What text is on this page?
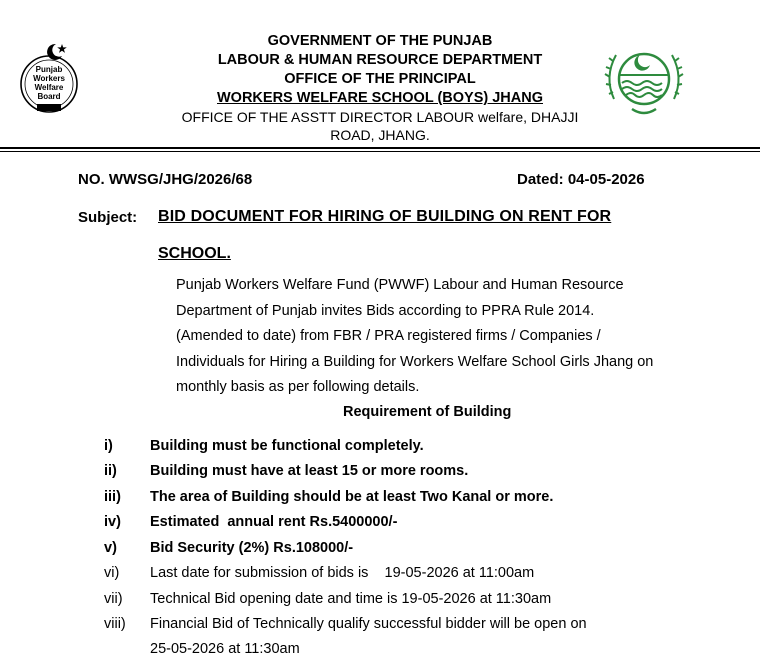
Punjab
Workers
Welfare
Board
GOVERNMENT OF THE PUNJAB
LABOUR & HUMAN RESOURCE DEPARTMENT
OFFICE OF THE PRINCIPAL
WORKERS WELFARE SCHOOL (BOYS) JHANG
OFFICE OF THE ASSTT DIRECTOR LABOUR welfare, DHAJJI
ROAD, JHANG.
NO. WWSG/JHG/2026/68	Dated: 04-05-2026
Subject: BID DOCUMENT FOR HIRING OF BUILDING ON RENT FOR
SCHOOL.
Punjab Workers Welfare Fund (PWWF) Labour and Human Resource
Department of Punjab invites Bids according to PPRA Rule 2014.
(Amended to date) from FBR / PRA registered firms / Companies /
Individuals for Hiring a Building for Workers Welfare School Girls Jhang on
monthly basis as per following details.
Requirement of Building
i)	Building must be functional completely.
ii) Building must have at least 15 or more rooms.
iii) The area of Building should be at least Two Kanal or more.
iv) Estimated  annual rent Rs.5400000/-
v) Bid Security (2%) Rs.108000/-
vi) Last date for submission of bids is    19-05-2026 at 11:00am
vii) Technical Bid opening date and time is 19-05-2026 at 11:30am
viii) Financial Bid of Technically qualify successful bidder will be open on
25-05-2026 at 11:30am
